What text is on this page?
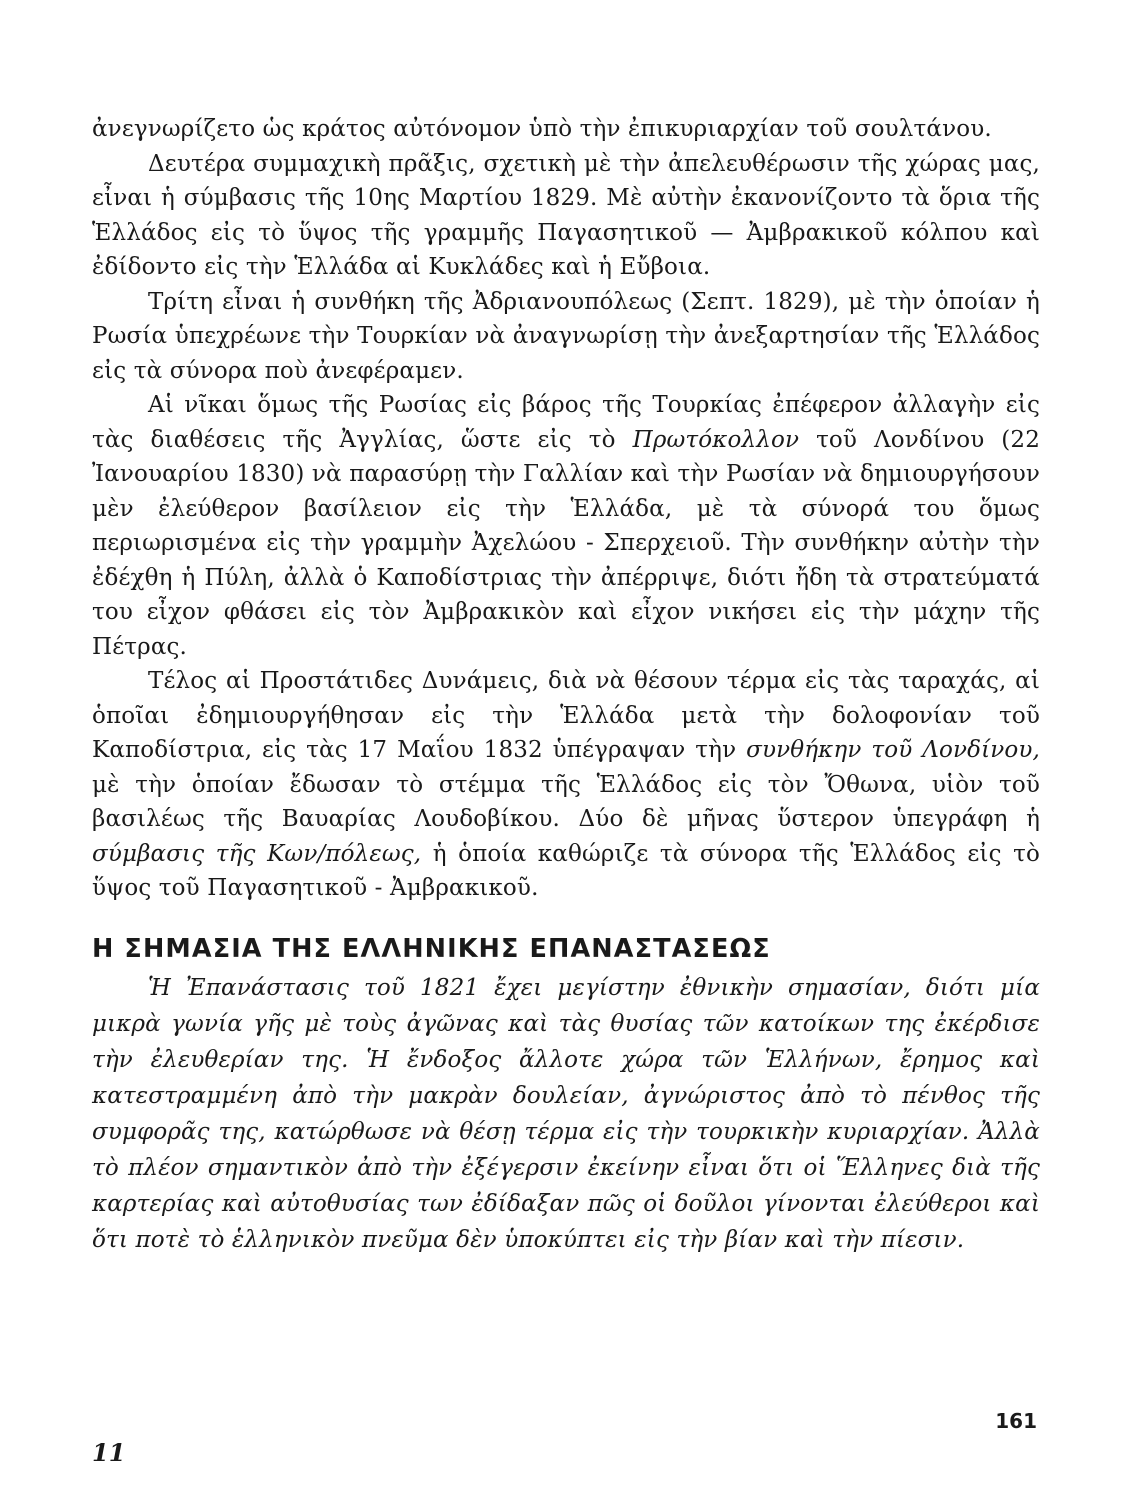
ἀνεγνωρίζετο ὡς κράτος αὐτόνομον ὑπὸ τὴν ἐπικυριαρχίαν τοῦ σουλτάνου.

Δευτέρα συμμαχικὴ πρᾶξις, σχετικὴ μὲ τὴν ἀπελευθέρωσιν τῆς χώρας μας, εἶναι ἡ σύμβασις τῆς 10ης Μαρτίου 1829. Μὲ αὐτὴν ἐκανονίζοντο τὰ ὅρια τῆς Ἑλλάδος εἰς τὸ ὕψος τῆς γραμμῆς Παγασητικοῦ — Ἀμβρακικοῦ κόλπου καὶ ἐδίδοντο εἰς τὴν Ἑλλάδα αἱ Κυκλάδες καὶ ἡ Εὔβοια.

Τρίτη εἶναι ἡ συνθήκη τῆς Ἀδριανουπόλεως (Σεπτ. 1829), μὲ τὴν ὁποίαν ἡ Ρωσία ὑπεχρέωνε τὴν Τουρκίαν νὰ ἀναγνωρίσῃ τὴν ἀνεξαρτησίαν τῆς Ἑλλάδος εἰς τὰ σύνορα ποὺ ἀνεφέραμεν.

Αἱ νῖκαι ὅμως τῆς Ρωσίας εἰς βάρος τῆς Τουρκίας ἐπέφερον ἀλλαγὴν εἰς τὰς διαθέσεις τῆς Ἀγγλίας, ὥστε εἰς τὸ Πρωτόκολλον τοῦ Λονδίνου (22 Ἰανουαρίου 1830) νὰ παρασύρῃ τὴν Γαλλίαν καὶ τὴν Ρωσίαν νὰ δημιουργήσουν μὲν ἐλεύθερον βασίλειον εἰς τὴν Ἑλλάδα, μὲ τὰ σύνορά του ὅμως περιωρισμένα εἰς τὴν γραμμὴν Ἀχελώου - Σπερχειοῦ. Τὴν συνθήκην αὐτὴν τὴν ἐδέχθη ἡ Πύλη, ἀλλὰ ὁ Καποδίστριας τὴν ἀπέρριψε, διότι ἤδη τὰ στρατεύματά του εἶχον φθάσει εἰς τὸν Ἀμβρακικὸν καὶ εἶχον νικήσει εἰς τὴν μάχην τῆς Πέτρας.

Τέλος αἱ Προστάτιδες Δυνάμεις, διὰ νὰ θέσουν τέρμα εἰς τὰς ταραχάς, αἱ ὁποῖαι ἐδημιουργήθησαν εἰς τὴν Ἑλλάδα μετὰ τὴν δολοφονίαν τοῦ Καποδίστρια, εἰς τὰς 17 Μαΐου 1832 ὑπέγραψαν τὴν συνθήκην τοῦ Λονδίνου, μὲ τὴν ὁποίαν ἔδωσαν τὸ στέμμα τῆς Ἑλλάδος εἰς τὸν Ὄθωνα, υἱὸν τοῦ βασιλέως τῆς Βαυαρίας Λουδοβίκου. Δύο δὲ μῆνας ὕστερον ὑπεγράφη ἡ σύμβασις τῆς Κων/πόλεως, ἡ ὁποία καθώριζε τὰ σύνορα τῆς Ἑλλάδος εἰς τὸ ὕψος τοῦ Παγασητικοῦ - Ἀμβρακικοῦ.

Η ΣΗΜΑΣΙΑ ΤΗΣ ΕΛΛΗΝΙΚΗΣ ΕΠΑΝΑΣΤΑΣΕΩΣ

Ἡ Ἐπανάστασις τοῦ 1821 ἔχει μεγίστην ἐθνικὴν σημασίαν, διότι μία μικρὰ γωνία γῆς μὲ τοὺς ἀγῶνας καὶ τὰς θυσίας τῶν κατοίκων της ἐκέρδισε τὴν ἐλευθερίαν της. Ἡ ἔνδοξος ἄλλοτε χώρα τῶν Ἑλλήνων, ἔρημος καὶ κατεστραμμένη ἀπὸ τὴν μακρὰν δουλείαν, ἀγνώριστος ἀπὸ τὸ πένθος τῆς συμφορᾶς της, κατώρθωσε νὰ θέσῃ τέρμα εἰς τὴν τουρκικὴν κυριαρχίαν. Ἀλλὰ τὸ πλέον σημαντικὸν ἀπὸ τὴν ἐξέγερσιν ἐκείνην εἶναι ὅτι οἱ Ἕλληνες διὰ τῆς καρτερίας καὶ αὐτοθυσίας των ἐδίδαξαν πῶς οἱ δοῦλοι γίνονται ἐλεύθεροι καὶ ὅτι ποτὲ τὸ ἑλληνικὸν πνεῦμα δὲν ὑποκύπτει εἰς τὴν βίαν καὶ τὴν πίεσιν.

161
11
